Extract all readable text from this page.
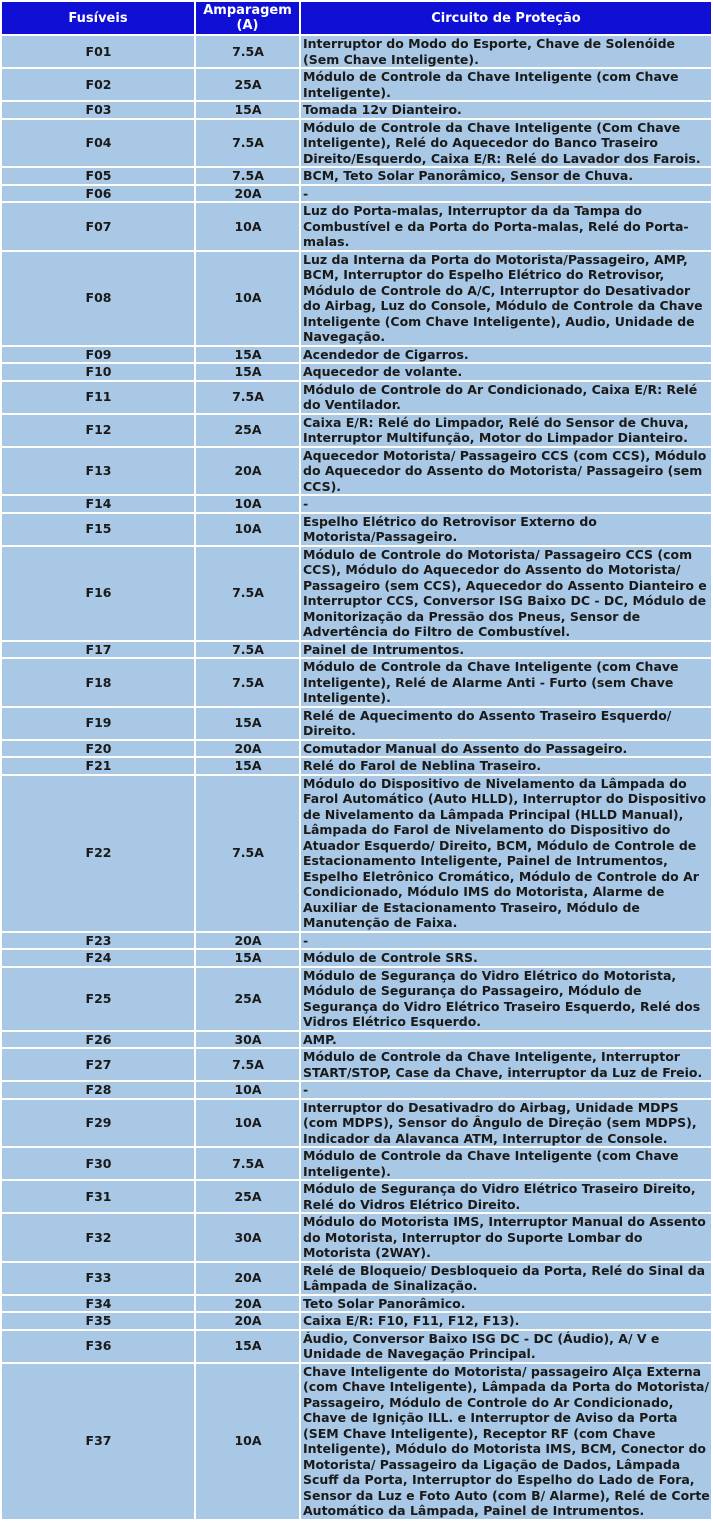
Fusíveis	Amparagem (A)	Circuito de Proteção
F01	7.5A	Interruptor do Modo do Esporte, Chave de Solenóide (Sem Chave Inteligente).
F02	25A	Módulo de Controle da Chave Inteligente (com Chave Inteligente).
F03	15A	Tomada 12v Dianteiro.
F04	7.5A	Módulo de Controle da Chave Inteligente (Com Chave Inteligente), Relé do Aquecedor do Banco Traseiro Direito/Esquerdo, Caixa E/R: Relé do Lavador dos Farois.
F05	7.5A	BCM, Teto Solar Panorâmico, Sensor de Chuva.
F06	20A	-
F07	10A	Luz do Porta-malas, Interruptor da da Tampa do Combustível e da Porta do Porta-malas, Relé do Porta-malas.
F08	10A	Luz da Interna da Porta do Motorista/Passageiro, AMP, BCM, Interruptor do Espelho Elétrico do Retrovisor, Módulo de Controle do A/C, Interruptor do Desativador do Airbag, Luz do Console, Módulo de Controle da Chave Inteligente (Com Chave Inteligente), Audio, Unidade de Navegação.
F09	15A	Acendedor de Cigarros.
F10	15A	Aquecedor de volante.
F11	7.5A	Módulo de Controle do Ar Condicionado, Caixa E/R: Relé do Ventilador.
F12	25A	Caixa E/R: Relé do Limpador, Relé do Sensor de Chuva, Interruptor Multifunção, Motor do Limpador Dianteiro.
F13	20A	Aquecedor Motorista/ Passageiro CCS (com CCS), Módulo do Aquecedor do Assento do Motorista/ Passageiro (sem CCS).
F14	10A	-
F15	10A	Espelho Elétrico do Retrovisor Externo do Motorista/Passageiro.
F16	7.5A	Módulo de Controle do Motorista/ Passageiro CCS (com CCS), Módulo do Aquecedor do Assento do Motorista/ Passageiro (sem CCS), Aquecedor do Assento Dianteiro e Interruptor CCS, Conversor ISG Baixo DC - DC, Módulo de Monitorização da Pressão dos Pneus, Sensor de Advertência do Filtro de Combustível.
F17	7.5A	Painel de Intrumentos.
F18	7.5A	Módulo de Controle da Chave Inteligente (com Chave Inteligente), Relé de Alarme Anti - Furto (sem Chave Inteligente).
F19	15A	Relé de Aquecimento do Assento Traseiro Esquerdo/ Direito.
F20	20A	Comutador Manual do Assento do Passageiro.
F21	15A	Relé do Farol de Neblina Traseiro.
F22	7.5A	Módulo do Dispositivo de Nivelamento da Lâmpada do Farol Automático (Auto HLLD), Interruptor do Dispositivo de Nivelamento da Lâmpada Principal (HLLD Manual), Lâmpada do Farol de Nivelamento do Dispositivo do Atuador Esquerdo/ Direito, BCM, Módulo de Controle de Estacionamento Inteligente, Painel de Intrumentos, Espelho Eletrônico Cromático, Módulo de Controle do Ar Condicionado, Módulo IMS do Motorista, Alarme de Auxiliar de Estacionamento Traseiro, Módulo de Manutenção de Faixa.
F23	20A	-
F24	15A	Módulo de Controle SRS.
F25	25A	Módulo de Segurança do Vidro Elétrico do Motorista, Módulo de Segurança do Passageiro, Módulo de Segurança do Vidro Elétrico Traseiro Esquerdo, Relé dos Vidros Elétrico Esquerdo.
F26	30A	AMP.
F27	7.5A	Módulo de Controle da Chave Inteligente, Interruptor START/STOP, Case da Chave, interruptor da Luz de Freio.
F28	10A	-
F29	10A	Interruptor do Desativadro do Airbag, Unidade MDPS (com MDPS), Sensor do Ângulo de Direção (sem MDPS), Indicador da Alavanca ATM, Interruptor de Console.
F30	7.5A	Módulo de Controle da Chave Inteligente (com Chave Inteligente).
F31	25A	Módulo de Segurança do Vidro Elétrico Traseiro Direito, Relé do Vidros Elétrico Direito.
F32	30A	Módulo do Motorista IMS, Interruptor Manual do Assento do Motorista, Interruptor do Suporte Lombar do Motorista (2WAY).
F33	20A	Relé de Bloqueio/ Desbloqueio da Porta, Relé do Sinal da Lâmpada de Sinalização.
F34	20A	Teto Solar Panorâmico.
F35	20A	Caixa E/R: F10, F11, F12, F13).
F36	15A	Áudio, Conversor Baixo ISG DC - DC (Áudio), A/ V e Unidade de Navegação Principal.
F37	10A	Chave Inteligente do Motorista/ passageiro Alça Externa (com Chave Inteligente), Lâmpada da Porta do Motorista/ Passageiro, Módulo de Controle do Ar Condicionado, Chave de Ignição ILL. e Interruptor de Aviso da Porta (SEM Chave Inteligente), Receptor RF (com Chave Inteligente), Módulo do Motorista IMS, BCM, Conector do Motorista/ Passageiro da Ligação de Dados, Lâmpada Scuff da Porta, Interruptor do Espelho do Lado de Fora, Sensor da Luz e Foto Auto (com B/ Alarme), Relé de Corte Automático da Lâmpada, Painel de Intrumentos.
